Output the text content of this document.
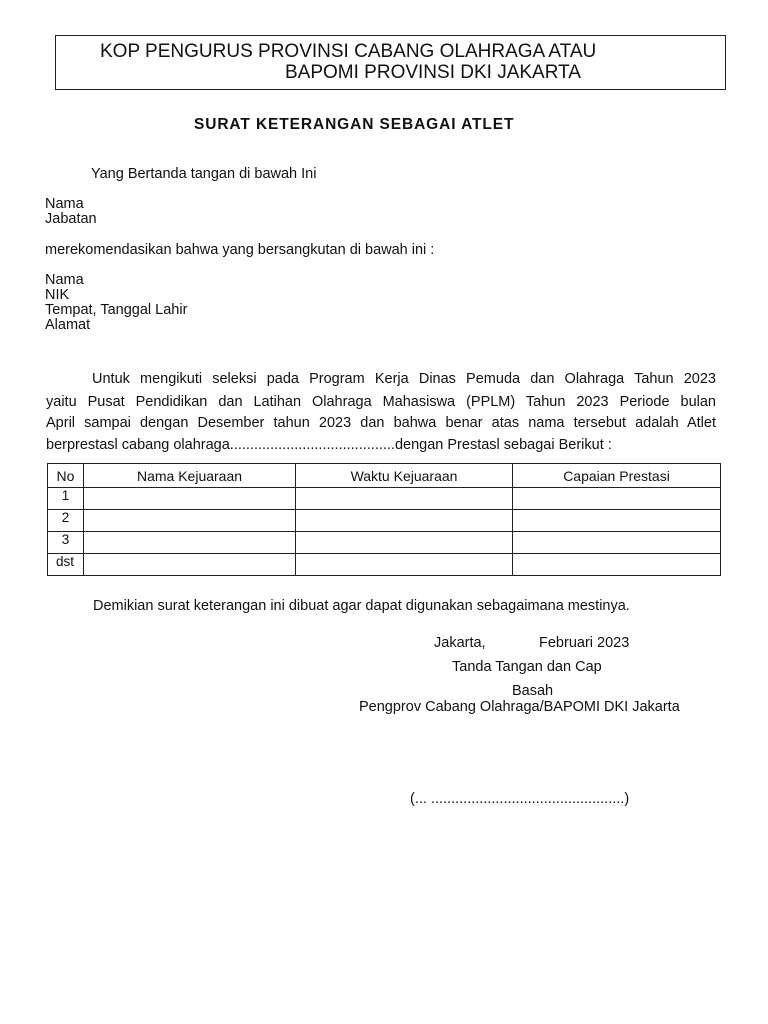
KOP PENGURUS PROVINSI CABANG OLAHRAGA ATAU
BAPOMI PROVINSI DKI JAKARTA
SURAT KETERANGAN SEBAGAI ATLET
Yang Bertanda tangan di bawah Ini
Nama
Jabatan
merekomendasikan bahwa yang bersangkutan di bawah ini :
Nama
NIK
Tempat, Tanggal Lahir
Alamat
Untuk mengikuti seleksi pada Program Kerja Dinas Pemuda dan Olahraga Tahun 2023
yaitu Pusat Pendidikan dan Latihan Olahraga Mahasiswa (PPLM) Tahun 2023 Periode bulan
April sampai dengan Desember tahun 2023 dan bahwa benar atas nama tersebut adalah Atlet
berprestasl cabang olahraga.........................................dengan Prestasl sebagai Berikut :
No	Nama Kejuaraan	Waktu Kejuaraan	Capaian Prestasi
1			
2			
3			
dst			
Demikian surat keterangan ini dibuat agar dapat digunakan sebagaimana mestinya.
Jakarta,	Februari 2023
Tanda Tangan dan Cap
Basah
Pengprov Cabang Olahraga/BAPOMI DKI Jakarta
(... ................................................)
